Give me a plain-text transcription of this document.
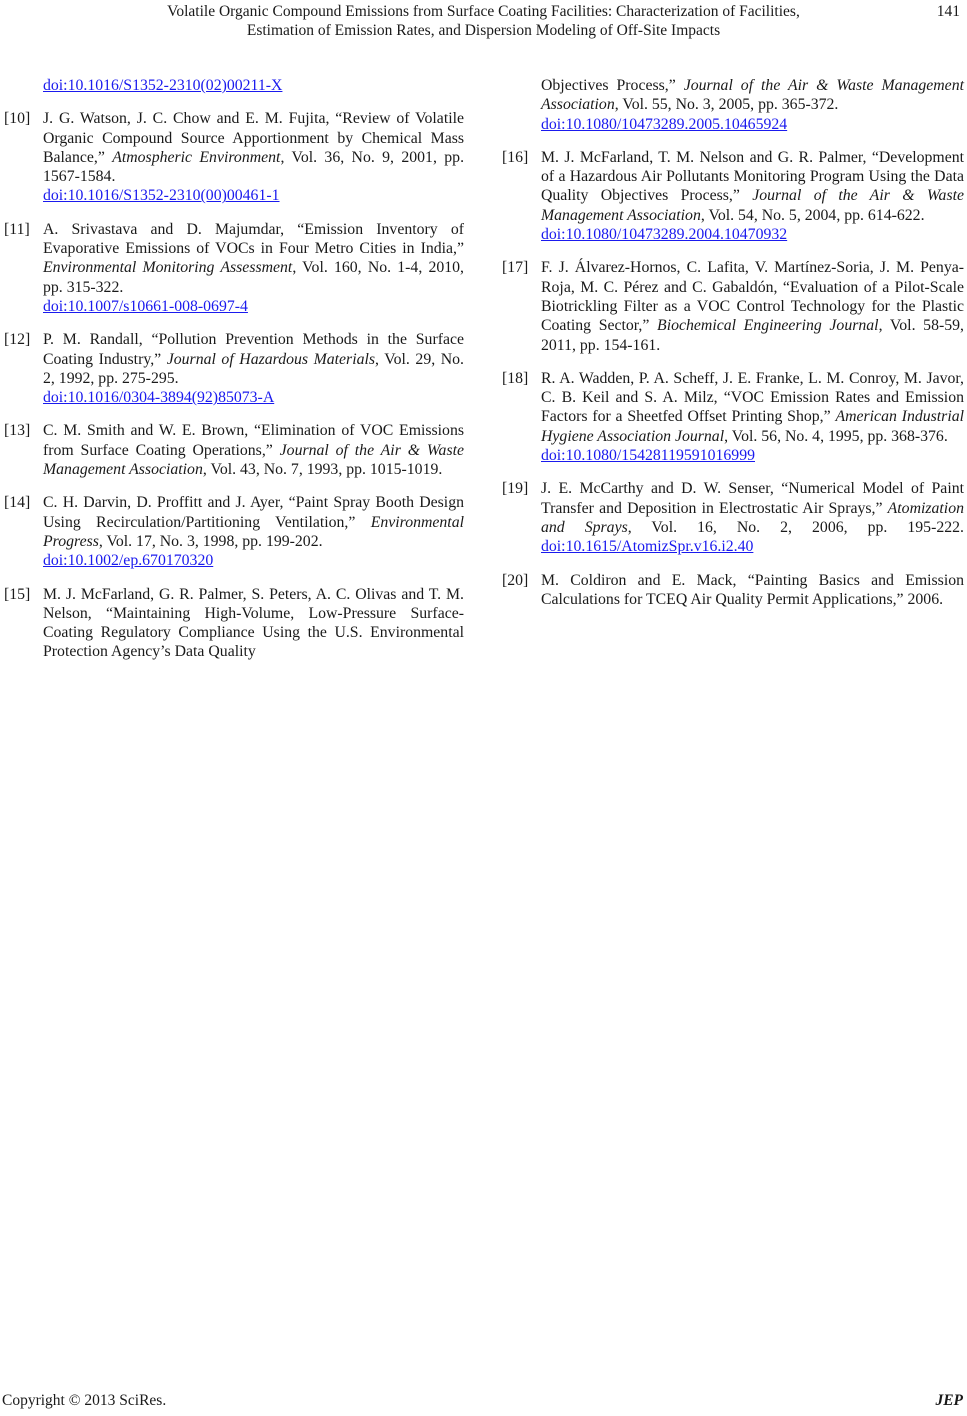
Volatile Organic Compound Emissions from Surface Coating Facilities: Characterization of Facilities,
Estimation of Emission Rates, and Dispersion Modeling of Off-Site Impacts
141
doi:10.1016/S1352-2310(02)00211-X
[10] J. G. Watson, J. C. Chow and E. M. Fujita, “Review of Volatile Organic Compound Source Apportionment by Chemical Mass Balance,” Atmospheric Environment, Vol. 36, No. 9, 2001, pp. 1567-1584.
doi:10.1016/S1352-2310(00)00461-1
[11] A. Srivastava and D. Majumdar, “Emission Inventory of Evaporative Emissions of VOCs in Four Metro Cities in India,” Environmental Monitoring Assessment, Vol. 160, No. 1-4, 2010, pp. 315-322.
doi:10.1007/s10661-008-0697-4
[12] P. M. Randall, “Pollution Prevention Methods in the Surface Coating Industry,” Journal of Hazardous Materials, Vol. 29, No. 2, 1992, pp. 275-295.
doi:10.1016/0304-3894(92)85073-A
[13] C. M. Smith and W. E. Brown, “Elimination of VOC Emissions from Surface Coating Operations,” Journal of the Air & Waste Management Association, Vol. 43, No. 7, 1993, pp. 1015-1019.
[14] C. H. Darvin, D. Proffitt and J. Ayer, “Paint Spray Booth Design Using Recirculation/Partitioning Ventilation,” Environmental Progress, Vol. 17, No. 3, 1998, pp. 199-202.
doi:10.1002/ep.670170320
[15] M. J. McFarland, G. R. Palmer, S. Peters, A. C. Olivas and T. M. Nelson, “Maintaining High-Volume, Low-Pressure Surface-Coating Regulatory Compliance Using the U.S. Environmental Protection Agency’s Data Quality
Objectives Process,” Journal of the Air & Waste Management Association, Vol. 55, No. 3, 2005, pp. 365-372.
doi:10.1080/10473289.2005.10465924
[16] M. J. McFarland, T. M. Nelson and G. R. Palmer, “Development of a Hazardous Air Pollutants Monitoring Program Using the Data Quality Objectives Process,” Journal of the Air & Waste Management Association, Vol. 54, No. 5, 2004, pp. 614-622.
doi:10.1080/10473289.2004.10470932
[17] F. J. Álvarez-Hornos, C. Lafita, V. Martínez-Soria, J. M. Penya-Roja, M. C. Pérez and C. Gabaldón, “Evaluation of a Pilot-Scale Biotrickling Filter as a VOC Control Technology for the Plastic Coating Sector,” Biochemical Engineering Journal, Vol. 58-59, 2011, pp. 154-161.
[18] R. A. Wadden, P. A. Scheff, J. E. Franke, L. M. Conroy, M. Javor, C. B. Keil and S. A. Milz, “VOC Emission Rates and Emission Factors for a Sheetfed Offset Printing Shop,” American Industrial Hygiene Association Journal, Vol. 56, No. 4, 1995, pp. 368-376.
doi:10.1080/15428119591016999
[19] J. E. McCarthy and D. W. Senser, “Numerical Model of Paint Transfer and Deposition in Electrostatic Air Sprays,” Atomization and Sprays, Vol. 16, No. 2, 2006, pp. 195-222. doi:10.1615/AtomizSpr.v16.i2.40
[20] M. Coldiron and E. Mack, “Painting Basics and Emission Calculations for TCEQ Air Quality Permit Applications,” 2006.
Copyright © 2013 SciRes.	JEP
